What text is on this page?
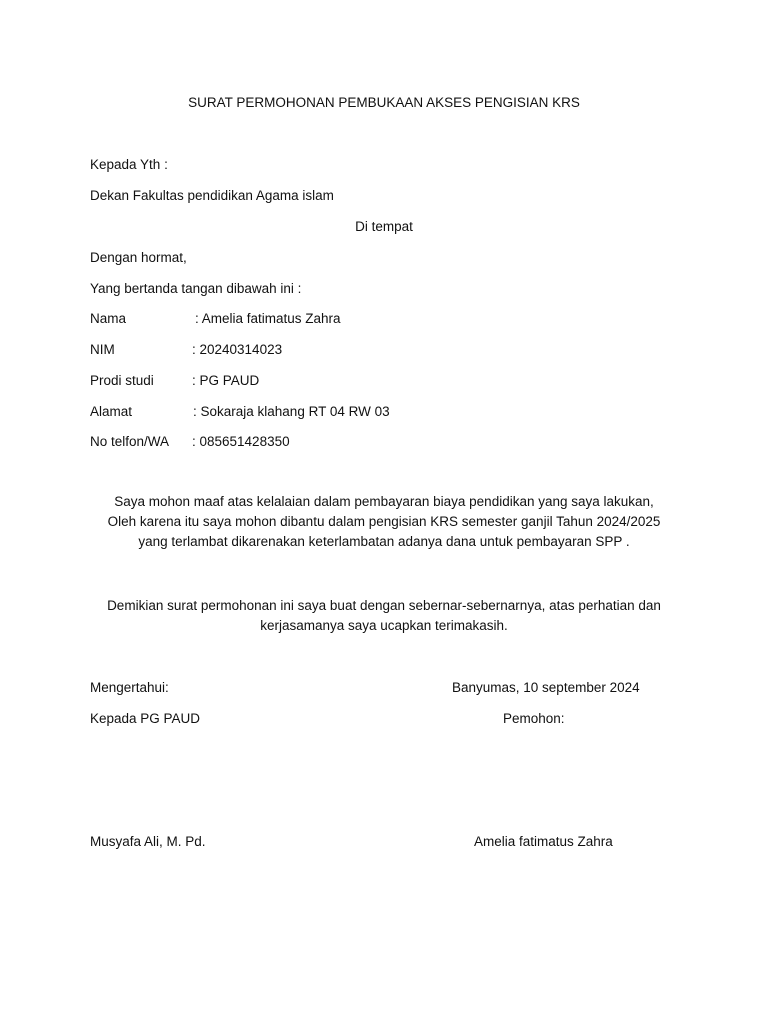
SURAT PERMOHONAN PEMBUKAAN AKSES PENGISIAN KRS
Kepada Yth :
Dekan Fakultas pendidikan Agama islam
Di tempat
Dengan hormat,
Yang bertanda tangan dibawah ini :
Nama	: Amelia fatimatus Zahra
NIM	: 20240314023
Prodi studi	: PG PAUD
Alamat	: Sokaraja klahang RT 04 RW 03
No telfon/WA : 085651428350
Saya mohon maaf atas kelalaian dalam pembayaran biaya pendidikan yang saya lakukan,
Oleh karena itu saya mohon dibantu dalam pengisian KRS semester ganjil Tahun 2024/2025
yang terlambat dikarenakan keterlambatan adanya dana untuk pembayaran SPP .
Demikian surat permohonan ini saya buat dengan sebernar-sebernarnya, atas perhatian dan
kerjasamanya saya ucapkan terimakasih.
Mengertahui:
Kepada PG PAUD
Musyafa Ali, M. Pd.
Banyumas, 10 september 2024
Pemohon:
Amelia fatimatus Zahra
